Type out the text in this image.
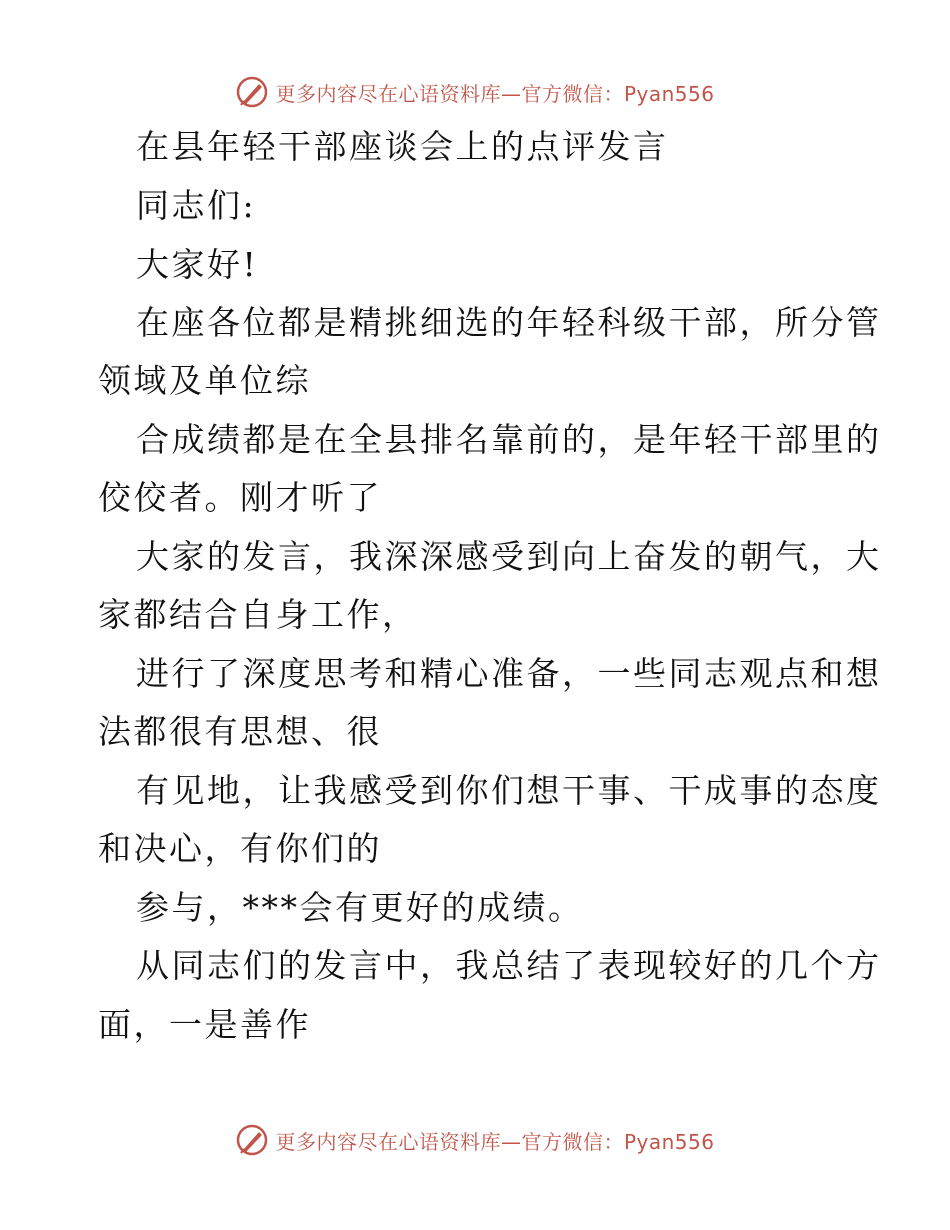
更多内容尽在心语资料库—官方微信：Pyan556
在县年轻干部座谈会上的点评发言
同志们:
大家好!
在座各位都是精挑细选的年轻科级干部，所分管
领域及单位综
合成绩都是在全县排名靠前的，是年轻干部里的
佼佼者。刚才听了
大家的发言，我深深感受到向上奋发的朝气，大
家都结合自身工作，
进行了深度思考和精心准备，一些同志观点和想
法都很有思想、很
有见地，让我感受到你们想干事、干成事的态度
和决心，有你们的
参与，***会有更好的成绩。
从同志们的发言中，我总结了表现较好的几个方
面，一是善作
更多内容尽在心语资料库—官方微信：Pyan556
